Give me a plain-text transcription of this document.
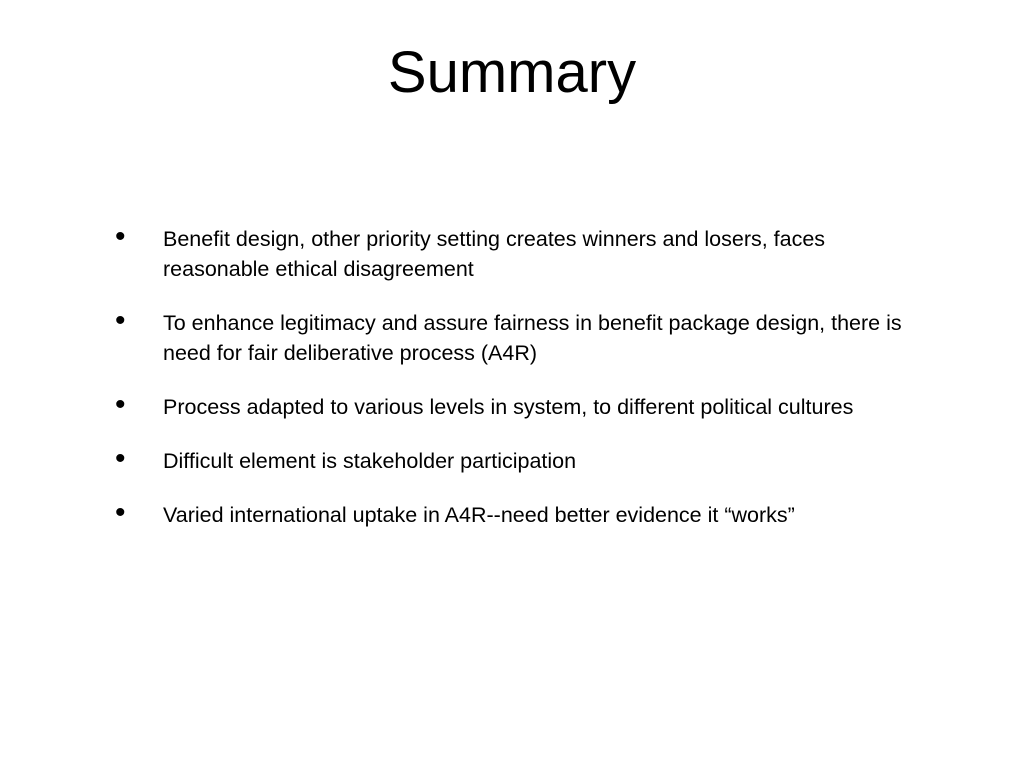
Summary
• Benefit design, other priority setting creates winners and losers, faces reasonable ethical disagreement
• To enhance legitimacy and assure fairness in benefit package design, there is need for fair deliberative process (A4R)
• Process adapted to various levels in system, to different political cultures
• Difficult element is stakeholder participation
• Varied international uptake in A4R--need better evidence it “works”
